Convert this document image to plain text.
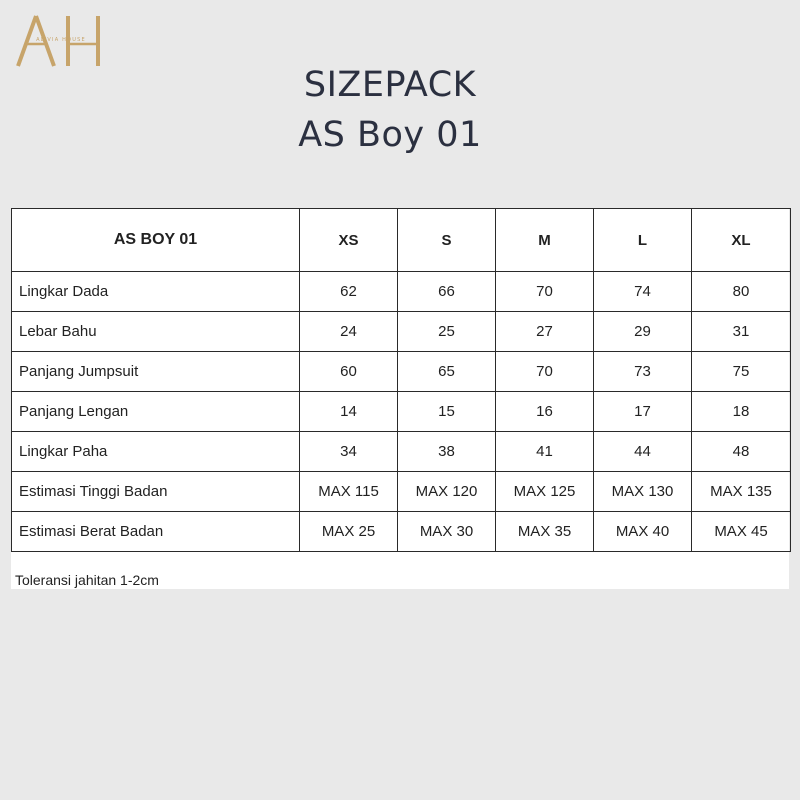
ALIVIA HOUSE
SIZEPACK
AS Boy 01
AS BOY 01	XS	S	M	L	XL
Lingkar Dada	62	66	70	74	80
Lebar Bahu	24	25	27	29	31
Panjang Jumpsuit	60	65	70	73	75
Panjang Lengan	14	15	16	17	18
Lingkar Paha	34	38	41	44	48
Estimasi Tinggi Badan	MAX 115	MAX 120	MAX 125	MAX 130	MAX 135
Estimasi Berat Badan	MAX 25	MAX 30	MAX 35	MAX 40	MAX 45
Toleransi jahitan 1-2cm
